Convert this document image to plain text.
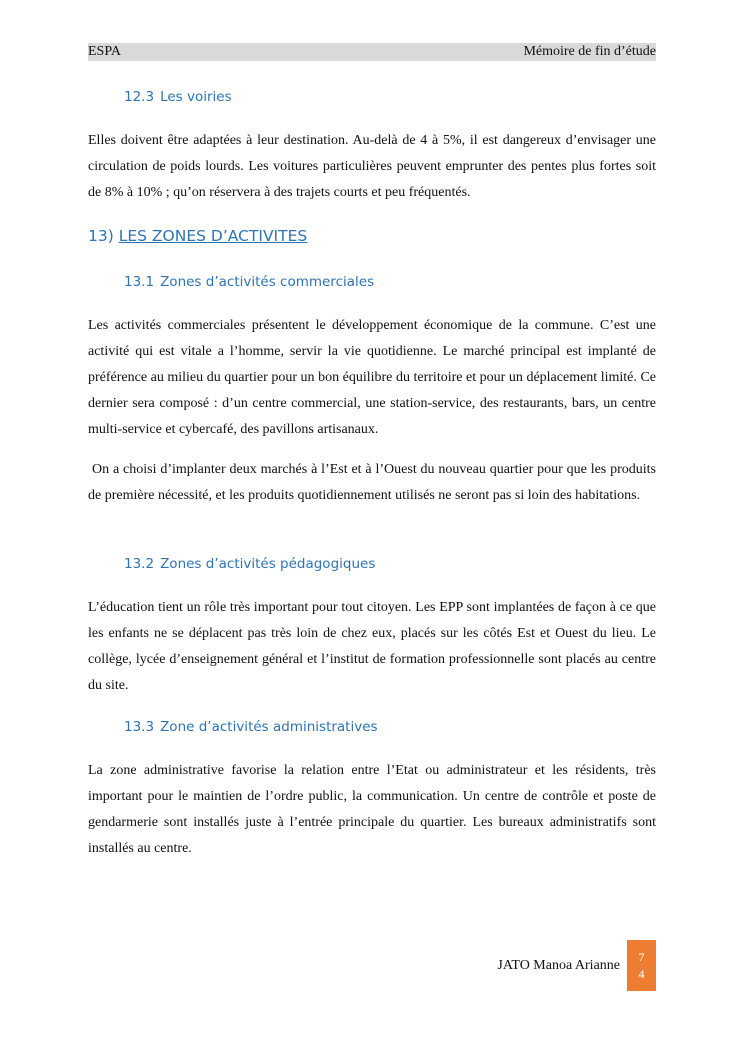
ESPA	Mémoire de fin d’étude
12.3 Les voiries

Elles doivent être adaptées à leur destination. Au-delà de 4 à 5%, il est dangereux d’envisager une circulation de poids lourds. Les voitures particulières peuvent emprunter des pentes plus fortes soit de 8% à 10% ; qu’on réservera à des trajets courts et peu fréquentés.

13) LES ZONES D’ACTIVITES
13.1 Zones d’activités commerciales

Les activités commerciales présentent le développement économique de la commune. C’est une activité qui est vitale a l’homme, servir la vie quotidienne. Le marché principal est implanté de préférence au milieu du quartier pour un bon équilibre du territoire et pour un déplacement limité. Ce dernier sera composé : d’un centre commercial, une station-service, des restaurants, bars, un centre multi-service et cybercafé, des pavillons artisanaux.

On a choisi d’implanter deux marchés à l’Est et à l’Ouest du nouveau quartier pour que les produits de première nécessité, et les produits quotidiennement utilisés ne seront pas si loin des habitations.

13.2 Zones d’activités pédagogiques

L’éducation tient un rôle très important pour tout citoyen. Les EPP sont implantées de façon à ce que les enfants ne se déplacent pas très loin de chez eux, placés sur les côtés Est et Ouest du lieu. Le collège, lycée d’enseignement général et l’institut de formation professionnelle sont placés au centre du site.

13.3 Zone d’activités administratives

La zone administrative favorise la relation entre l’Etat ou administrateur et les résidents, très important pour le maintien de l’ordre public, la communication. Un centre de contrôle et poste de gendarmerie sont installés juste à l’entrée principale du quartier. Les bureaux administratifs sont installés au centre.

JATO Manoa Arianne
7
4
